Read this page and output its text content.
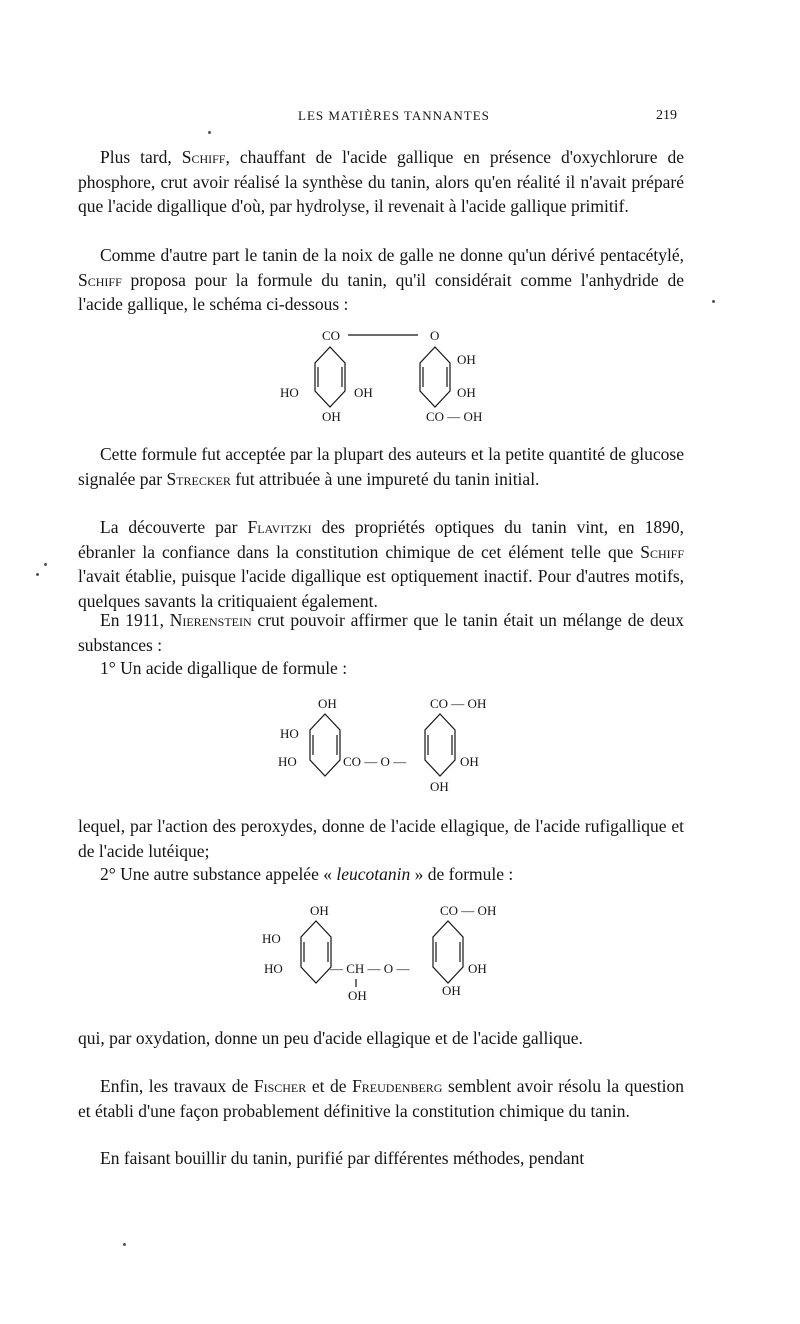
LES MATIÈRES TANNANTES	219

Plus tard, Schiff, chauffant de l'acide gallique en présence d'oxychlorure de phosphore, crut avoir réalisé la synthèse du tanin, alors qu'en réalité il n'avait préparé que l'acide digallique d'où, par hydrolyse, il revenait à l'acide gallique primitif.

Comme d'autre part le tanin de la noix de galle ne donne qu'un dérivé pentacétylé, Schiff proposa pour la formule du tanin, qu'il considérait comme l'anhydride de l'acide gallique, le schéma ci-dessous :

CO	O
HO	OH
OH
OH
OH
CO — OH

Cette formule fut acceptée par la plupart des auteurs et la petite quantité de glucose signalée par Strecker fut attribuée à une impureté du tanin initial.

La découverte par Flavitzki des propriétés optiques du tanin vint, en 1890, ébranler la confiance dans la constitution chimique de cet élément telle que Schiff l'avait établie, puisque l'acide digallique est optiquement inactif. Pour d'autres motifs, quelques savants la critiquaient également.

En 1911, Nierenstein crut pouvoir affirmer que le tanin était un mélange de deux substances :

1° Un acide digallique de formule :

OH
HO
HO	CO — O —
CO — OH
OH
OH

lequel, par l'action des peroxydes, donne de l'acide ellagique, de l'acide rufigallique et de l'acide lutéique;

2° Une autre substance appelée « leucotanin » de formule :

OH
HO
HO	— CH — O —
OH
CO — OH
OH
OH

qui, par oxydation, donne un peu d'acide ellagique et de l'acide gallique.

Enfin, les travaux de Fischer et de Freudenberg semblent avoir résolu la question et établi d'une façon probablement définitive la constitution chimique du tanin.

En faisant bouillir du tanin, purifié par différentes méthodes, pendant
